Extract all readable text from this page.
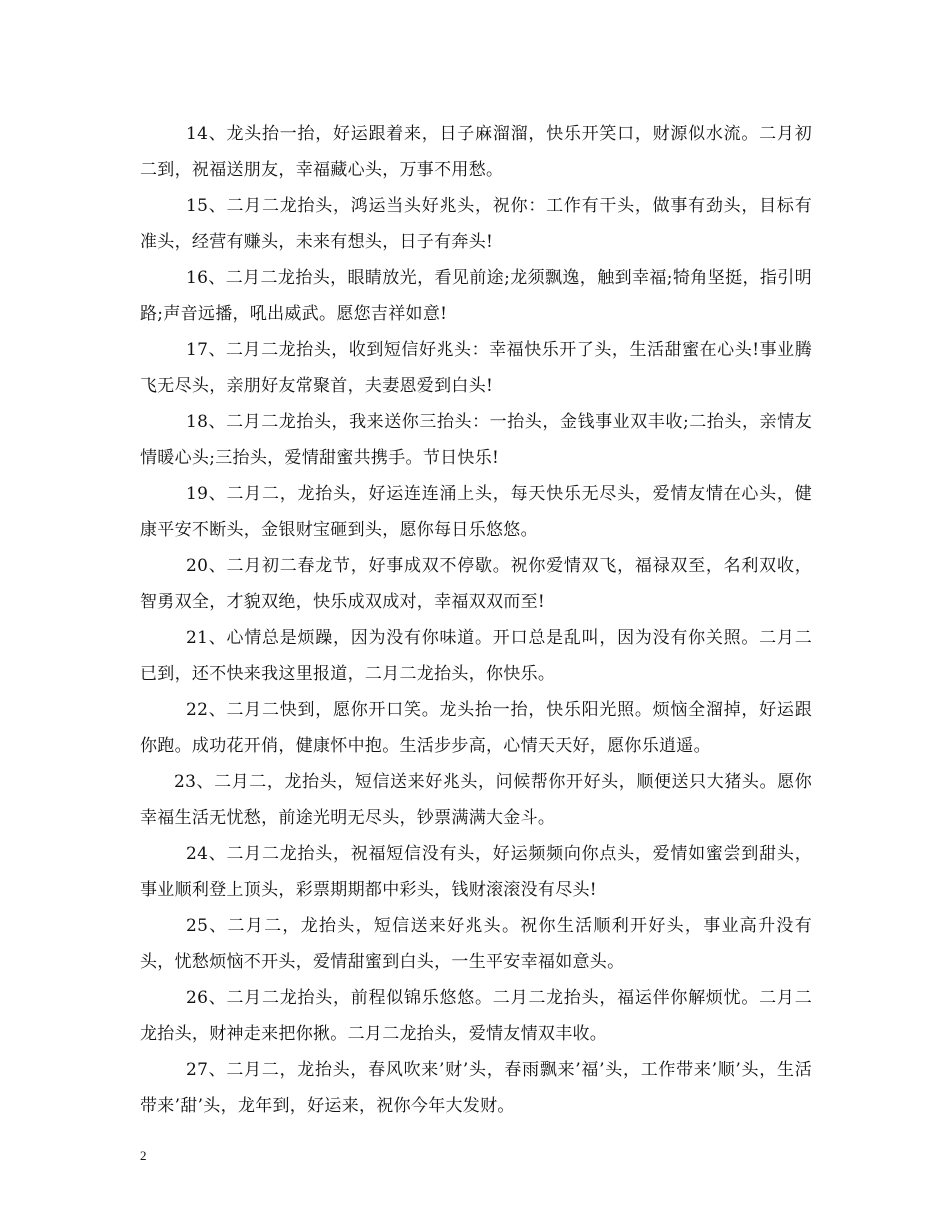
14、龙头抬一抬，好运跟着来，日子麻溜溜，快乐开笑口，财源似水流。二月初二到，祝福送朋友，幸福藏心头，万事不用愁。

15、二月二龙抬头，鸿运当头好兆头，祝你：工作有干头，做事有劲头，目标有准头，经营有赚头，未来有想头，日子有奔头!

16、二月二龙抬头，眼睛放光，看见前途;龙须飘逸，触到幸福;犄角坚挺，指引明路;声音远播，吼出威武。愿您吉祥如意!

17、二月二龙抬头，收到短信好兆头：幸福快乐开了头，生活甜蜜在心头!事业腾飞无尽头，亲朋好友常聚首，夫妻恩爱到白头!

18、二月二龙抬头，我来送你三抬头：一抬头，金钱事业双丰收;二抬头，亲情友情暖心头;三抬头，爱情甜蜜共携手。节日快乐!

19、二月二，龙抬头，好运连连涌上头，每天快乐无尽头，爱情友情在心头，健康平安不断头，金银财宝砸到头，愿你每日乐悠悠。

20、二月初二春龙节，好事成双不停歇。祝你爱情双飞，福禄双至，名利双收，智勇双全，才貌双绝，快乐成双成对，幸福双双而至!

21、心情总是烦躁，因为没有你味道。开口总是乱叫，因为没有你关照。二月二已到，还不快来我这里报道，二月二龙抬头，你快乐。

22、二月二快到，愿你开口笑。龙头抬一抬，快乐阳光照。烦恼全溜掉，好运跟你跑。成功花开俏，健康怀中抱。生活步步高，心情天天好，愿你乐逍遥。

23、二月二，龙抬头，短信送来好兆头，问候帮你开好头，顺便送只大猪头。愿你幸福生活无忧愁，前途光明无尽头，钞票满满大金斗。

24、二月二龙抬头，祝福短信没有头，好运频频向你点头，爱情如蜜尝到甜头，事业顺利登上顶头，彩票期期都中彩头，钱财滚滚没有尽头!

25、二月二，龙抬头，短信送来好兆头。祝你生活顺利开好头，事业高升没有头，忧愁烦恼不开头，爱情甜蜜到白头，一生平安幸福如意头。

26、二月二龙抬头，前程似锦乐悠悠。二月二龙抬头，福运伴你解烦忧。二月二龙抬头，财神走来把你揪。二月二龙抬头，爱情友情双丰收。

27、二月二，龙抬头，春风吹来’财’头，春雨飘来’福’头，工作带来’顺’头，生活带来’甜’头，龙年到，好运来，祝你今年大发财。

2
